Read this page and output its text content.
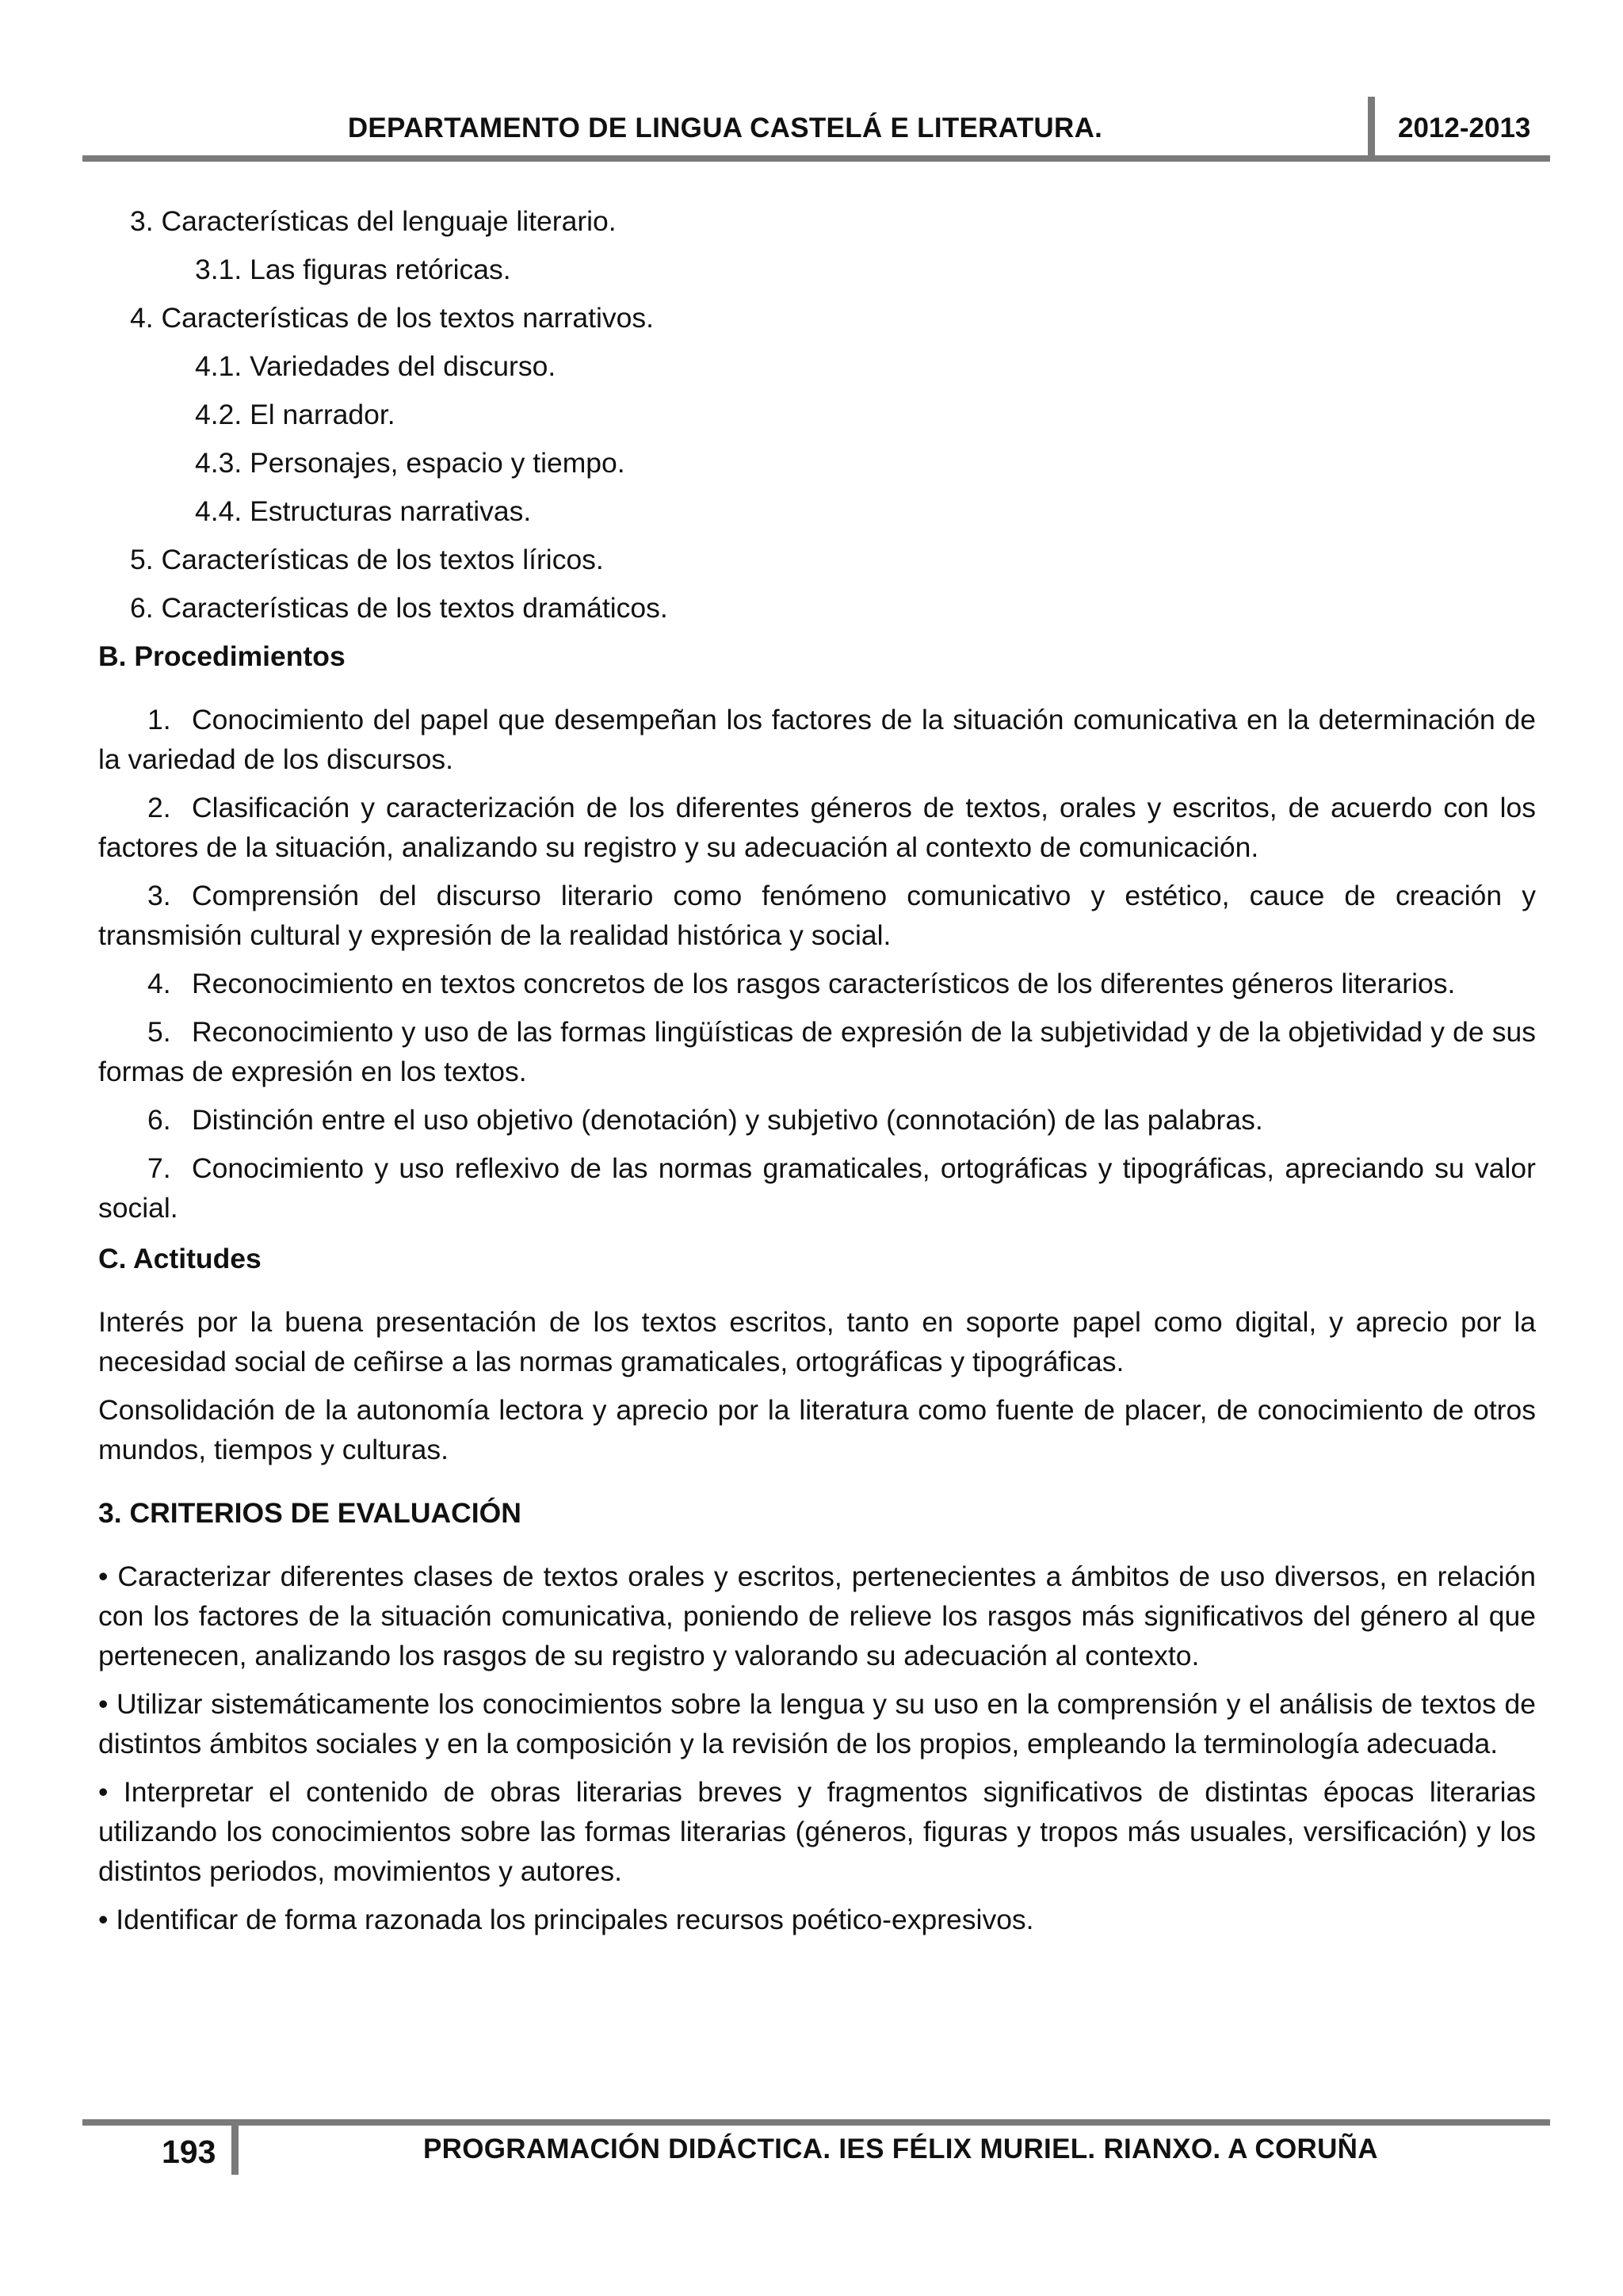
DEPARTAMENTO DE LINGUA CASTELÁ E LITERATURA.	2012-2013
3. Características del lenguaje literario.
3.1. Las figuras retóricas.
4. Características de los textos narrativos.
4.1. Variedades del discurso.
4.2. El narrador.
4.3. Personajes, espacio y tiempo.
4.4. Estructuras narrativas.
5. Características de los textos líricos.
6. Características de los textos dramáticos.
B. Procedimientos

1. Conocimiento del papel que desempeñan los factores de la situación comunicativa en la determinación de la variedad de los discursos.

2. Clasificación y caracterización de los diferentes géneros de textos, orales y escritos, de acuerdo con los factores de la situación, analizando su registro y su adecuación al contexto de comunicación.

3. Comprensión del discurso literario como fenómeno comunicativo y estético, cauce de creación y transmisión cultural y expresión de la realidad histórica y social.

4. Reconocimiento en textos concretos de los rasgos característicos de los diferentes géneros literarios.

5. Reconocimiento y uso de las formas lingüísticas de expresión de la subjetividad y de la objetividad y de sus formas de expresión en los textos.

6. Distinción entre el uso objetivo (denotación) y subjetivo (connotación) de las palabras.

7. Conocimiento y uso reflexivo de las normas gramaticales, ortográficas y tipográficas, apreciando su valor social.

C. Actitudes

Interés por la buena presentación de los textos escritos, tanto en soporte papel como digital, y aprecio por la necesidad social de ceñirse a las normas gramaticales, ortográficas y tipográficas.

Consolidación de la autonomía lectora y aprecio por la literatura como fuente de placer, de conocimiento de otros mundos, tiempos y culturas.

3. CRITERIOS DE EVALUACIÓN

• Caracterizar diferentes clases de textos orales y escritos, pertenecientes a ámbitos de uso diversos, en relación con los factores de la situación comunicativa, poniendo de relieve los rasgos más significativos del género al que pertenecen, analizando los rasgos de su registro y valorando su adecuación al contexto.

• Utilizar sistemáticamente los conocimientos sobre la lengua y su uso en la comprensión y el análisis de textos de distintos ámbitos sociales y en la composición y la revisión de los propios, empleando la terminología adecuada.

• Interpretar el contenido de obras literarias breves y fragmentos significativos de distintas épocas literarias utilizando los conocimientos sobre las formas literarias (géneros, figuras y tropos más usuales, versificación) y los distintos periodos, movimientos y autores.

• Identificar de forma razonada los principales recursos poético-expresivos.

193	PROGRAMACIÓN DIDÁCTICA. IES FÉLIX MURIEL. RIANXO. A CORUÑA
